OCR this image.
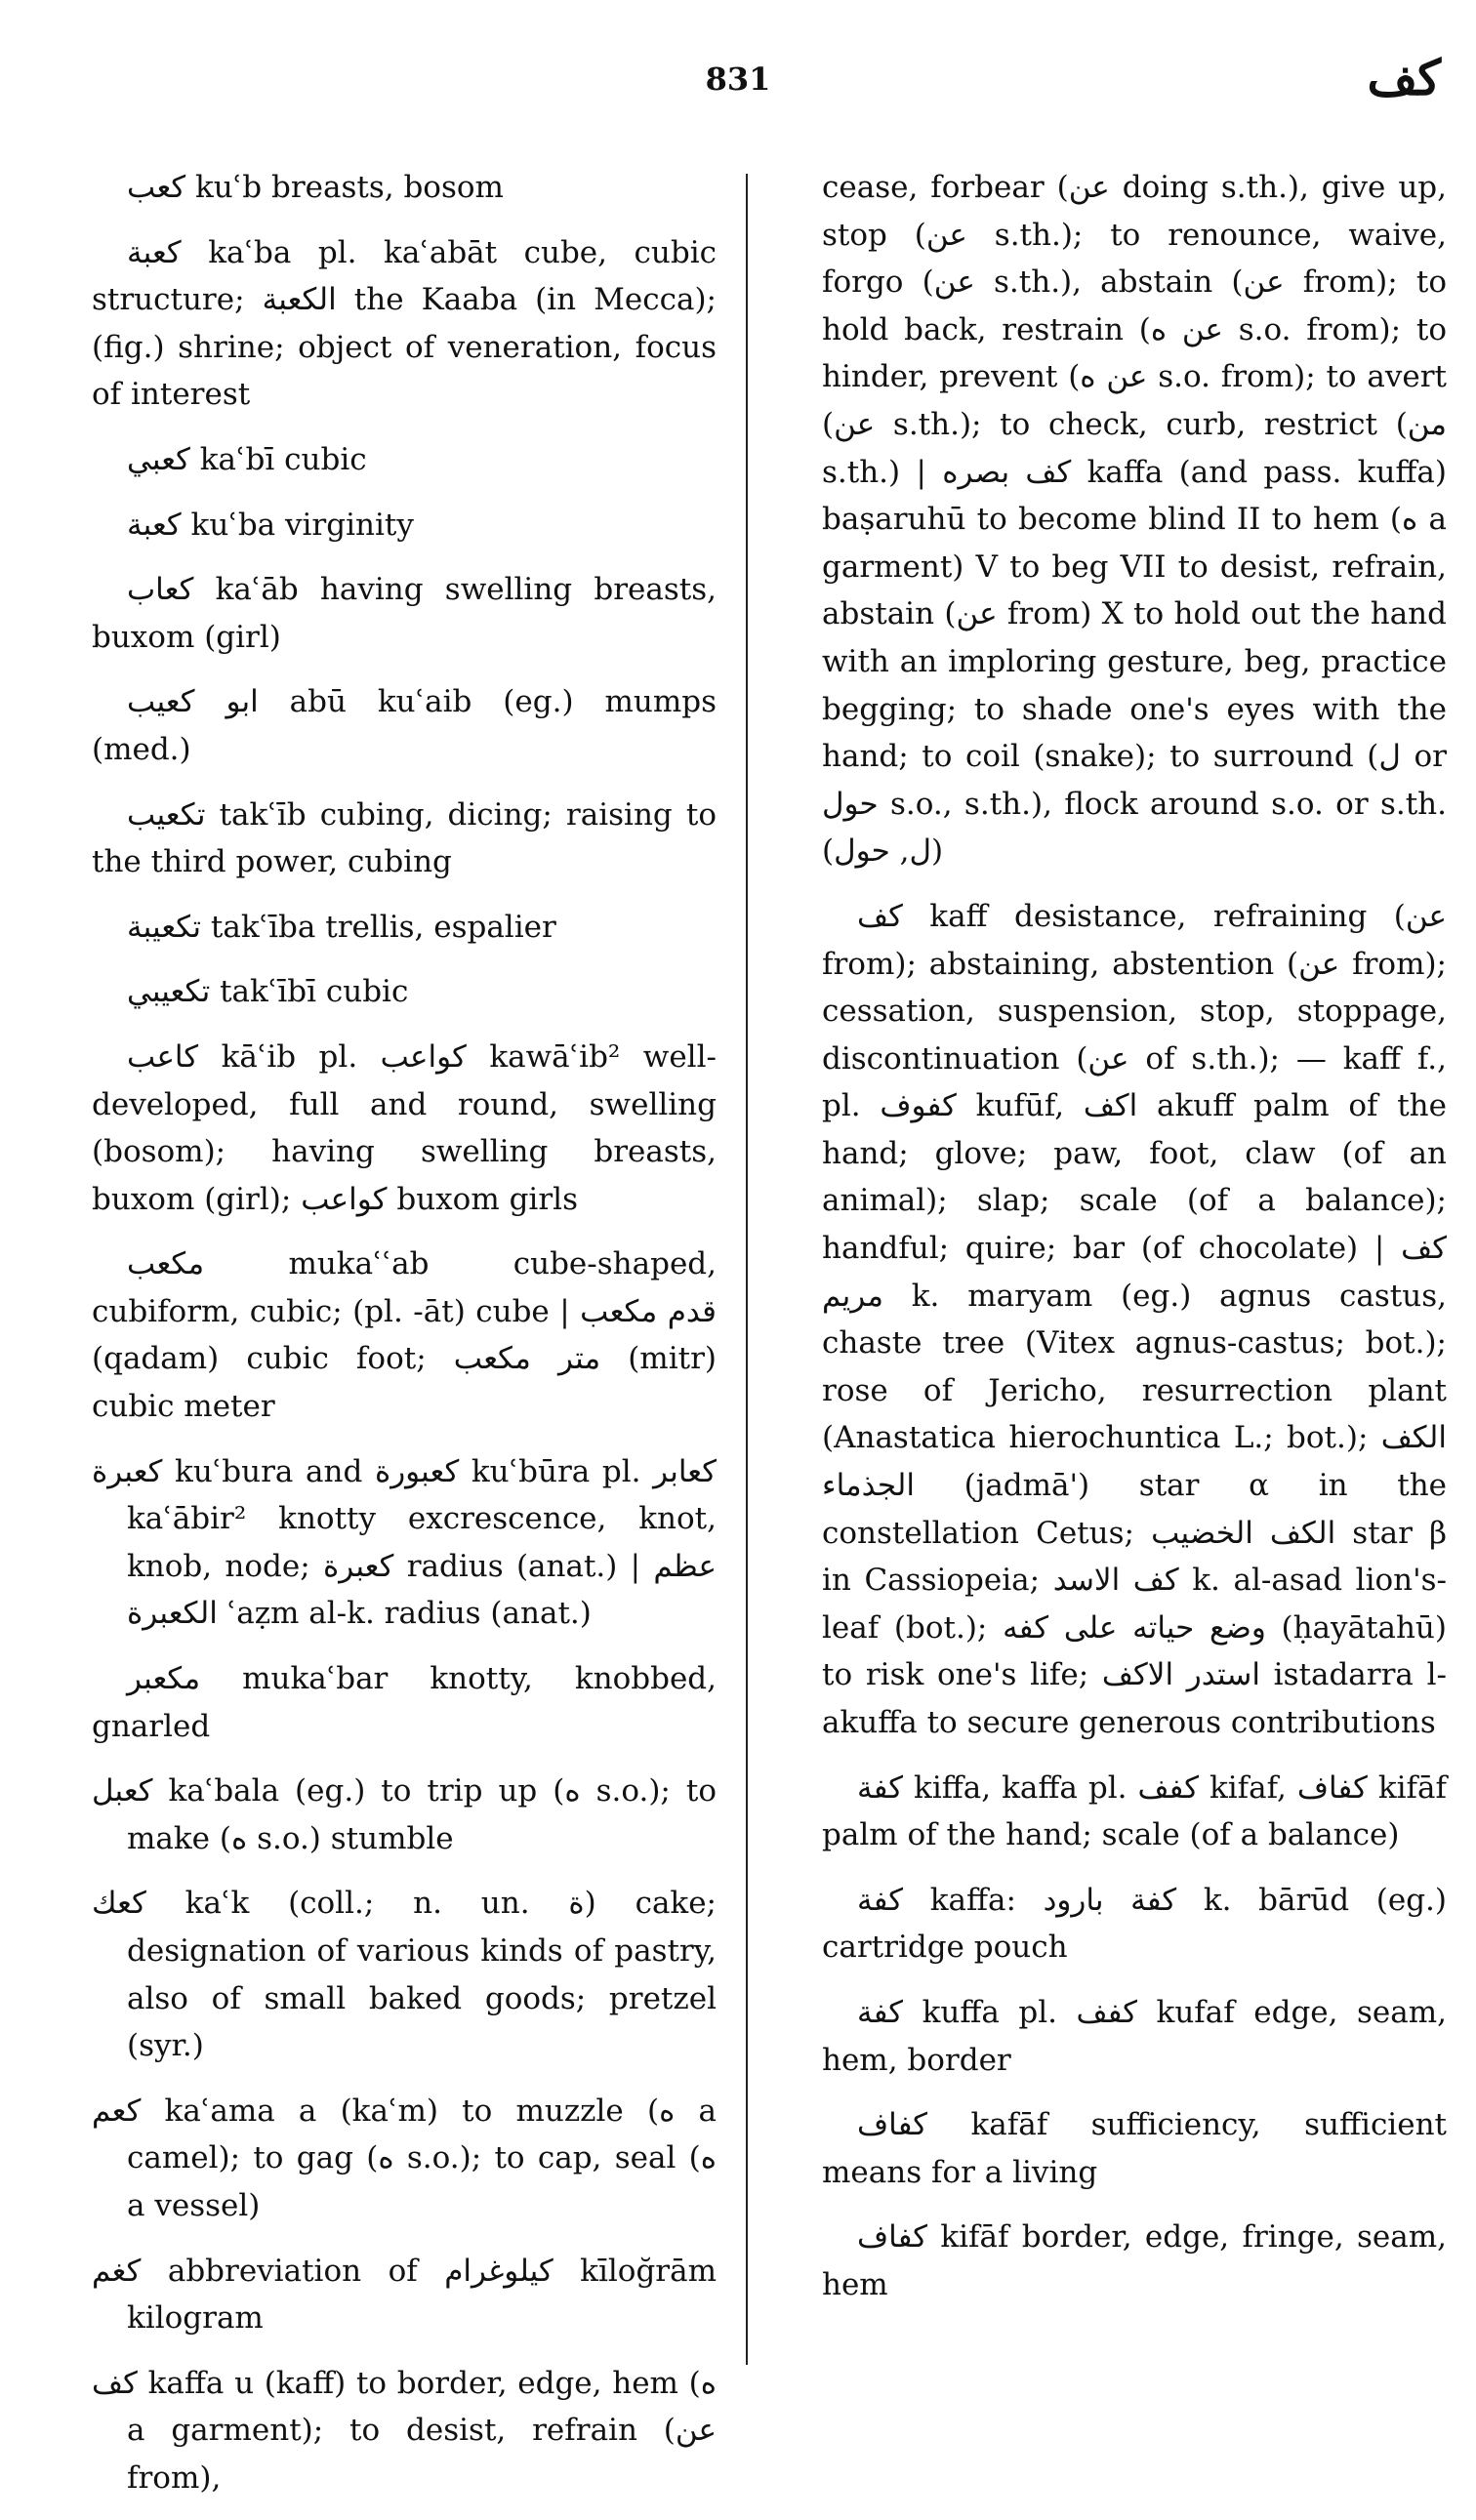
831	كف

كعب kuʿb breasts, bosom

كعبة kaʿba pl. kaʿabāt cube, cubic structure; الكعبة the Kaaba (in Mecca); (fig.) shrine; object of veneration, focus of interest

كعبي kaʿbī cubic

كعبة kuʿba virginity

كعاب kaʿāb having swelling breasts, buxom (girl)

ابو كعيب abū kuʿaib (eg.) mumps (med.)

تكعيب takʿīb cubing, dicing; raising to the third power, cubing

تكعيبة takʿība trellis, espalier

تكعيبي takʿībī cubic

كاعب kāʿib pl. كواعب kawāʿib² well-developed, full and round, swelling (bosom); having swelling breasts, buxom (girl); كواعب buxom girls

مكعب mukaʿʿab cube-shaped, cubiform, cubic; (pl. -āt) cube | قدم مكعب (qadam) cubic foot; متر مكعب (mitr) cubic meter

كعبرة kuʿbura and كعبورة kuʿbūra pl. كعابر kaʿābir² knotty excrescence, knot, knob, node; كعبرة radius (anat.) | عظم الكعبرة ʿaẓm al-k. radius (anat.)

مكعبر mukaʿbar knotty, knobbed, gnarled

كعبل kaʿbala (eg.) to trip up (ه s.o.); to make (ه s.o.) stumble

كعك kaʿk (coll.; n. un. ة) cake; designation of various kinds of pastry, also of small baked goods; pretzel (syr.)

كعم kaʿama a (kaʿm) to muzzle (ه a camel); to gag (ه s.o.); to cap, seal (ه a vessel)

كغم abbreviation of كيلوغرام kīloğrām kilogram

كف kaffa u (kaff) to border, edge, hem (ه a garment); to desist, refrain (عن from),

cease, forbear (عن doing s.th.), give up, stop (عن s.th.); to renounce, waive, forgo (عن s.th.), abstain (عن from); to hold back, restrain (عن ه s.o. from); to hinder, prevent (عن ه s.o. from); to avert (عن s.th.); to check, curb, restrict (من s.th.) | كف بصره kaffa (and pass. kuffa) baṣaruhū to become blind II to hem (ه a garment) V to beg VII to desist, refrain, abstain (عن from) X to hold out the hand with an imploring gesture, beg, practice begging; to shade one's eyes with the hand; to coil (snake); to surround (ل or حول s.o., s.th.), flock around s.o. or s.th. (ل, حول)

كف kaff desistance, refraining (عن from); abstaining, abstention (عن from); cessation, suspension, stop, stoppage, discontinuation (عن of s.th.); — kaff f., pl. كفوف kufūf, اكف akuff palm of the hand; glove; paw, foot, claw (of an animal); slap; scale (of a balance); handful; quire; bar (of chocolate) | كف مريم k. maryam (eg.) agnus castus, chaste tree (Vitex agnus-castus; bot.); rose of Jericho, resurrection plant (Anastatica hierochuntica L.; bot.); الكف الجذماء (jadmā') star α in the constellation Cetus; الكف الخضيب star β in Cassiopeia; كف الاسد k. al-asad lion's-leaf (bot.); وضع حياته على كفه (ḥayātahū) to risk one's life; استدر الاكف istadarra l-akuffa to secure generous contributions

كفة kiffa, kaffa pl. كفف kifaf, كفاف kifāf palm of the hand; scale (of a balance)

كفة kaffa: كفة بارود k. bārūd (eg.) cartridge pouch

كفة kuffa pl. كفف kufaf edge, seam, hem, border

كفاف kafāf sufficiency, sufficient means for a living

كفاف kifāf border, edge, fringe, seam, hem
